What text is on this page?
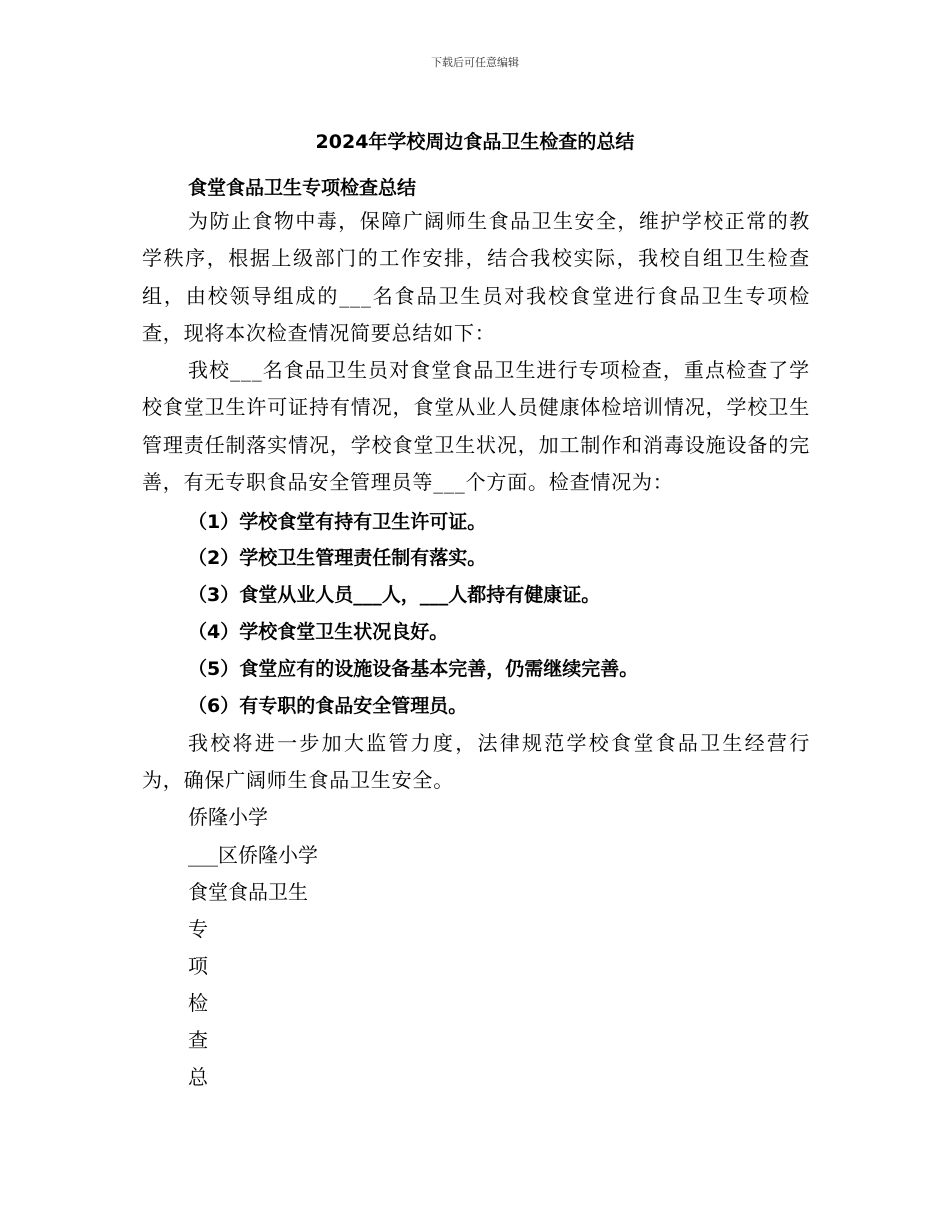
下载后可任意编辑
2024年学校周边食品卫生检查的总结
食堂食品卫生专项检查总结
为防止食物中毒，保障广阔师生食品卫生安全，维护学校正常的教学秩序，根据上级部门的工作安排，结合我校实际，我校自组卫生检查组，由校领导组成的___名食品卫生员对我校食堂进行食品卫生专项检查，现将本次检查情况简要总结如下：
我校___名食品卫生员对食堂食品卫生进行专项检查，重点检查了学校食堂卫生许可证持有情况，食堂从业人员健康体检培训情况，学校卫生管理责任制落实情况，学校食堂卫生状况，加工制作和消毒设施设备的完善，有无专职食品安全管理员等___个方面。检查情况为：
（1）学校食堂有持有卫生许可证。
（2）学校卫生管理责任制有落实。
（3）食堂从业人员___人，___人都持有健康证。
（4）学校食堂卫生状况良好。
（5）食堂应有的设施设备基本完善，仍需继续完善。
（6）有专职的食品安全管理员。
我校将进一步加大监管力度，法律规范学校食堂食品卫生经营行为，确保广阔师生食品卫生安全。
侨隆小学
___区侨隆小学
食堂食品卫生
专
项
检
查
总
